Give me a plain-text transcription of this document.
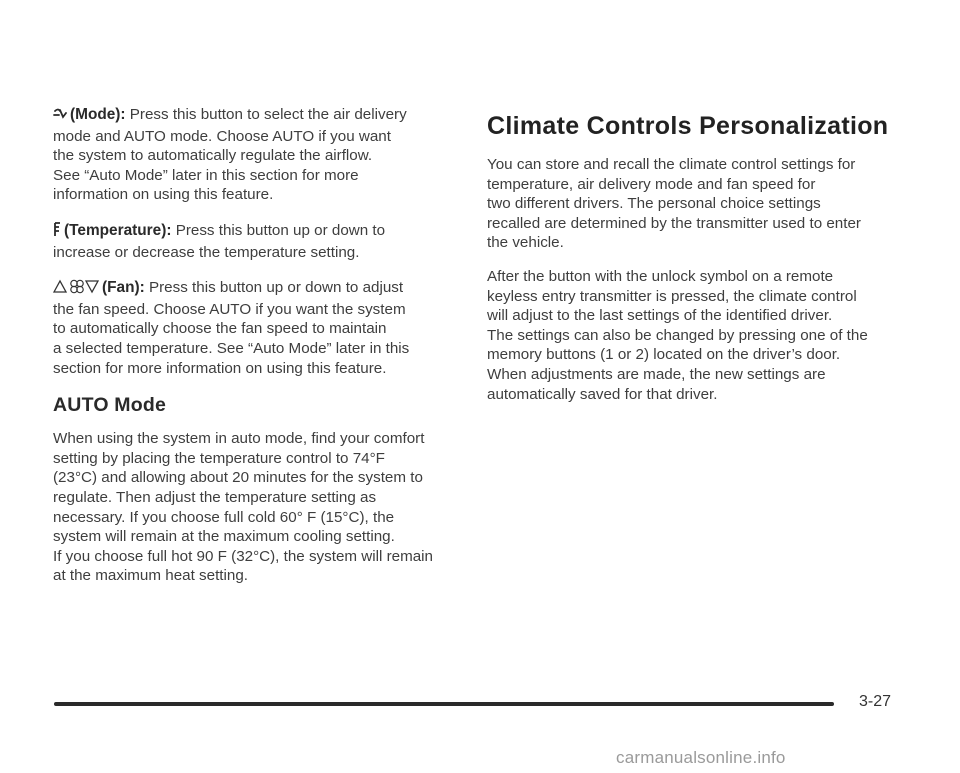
(Mode): Press this button to select the air delivery
mode and AUTO mode. Choose AUTO if you want
the system to automatically regulate the airflow.
See “Auto Mode” later in this section for more
information on using this feature.

(Temperature): Press this button up or down to
increase or decrease the temperature setting.

(Fan): Press this button up or down to adjust
the fan speed. Choose AUTO if you want the system
to automatically choose the fan speed to maintain
a selected temperature. See “Auto Mode” later in this
section for more information on using this feature.

AUTO Mode

When using the system in auto mode, find your comfort
setting by placing the temperature control to 74°F
(23°C) and allowing about 20 minutes for the system to
regulate. Then adjust the temperature setting as
necessary. If you choose full cold 60° F (15°C), the
system will remain at the maximum cooling setting.
If you choose full hot 90 F (32°C), the system will remain
at the maximum heat setting.

Climate Controls Personalization

You can store and recall the climate control settings for
temperature, air delivery mode and fan speed for
two different drivers. The personal choice settings
recalled are determined by the transmitter used to enter
the vehicle.

After the button with the unlock symbol on a remote
keyless entry transmitter is pressed, the climate control
will adjust to the last settings of the identified driver.
The settings can also be changed by pressing one of the
memory buttons (1 or 2) located on the driver’s door.
When adjustments are made, the new settings are
automatically saved for that driver.

3-27
carmanualsonline.info
